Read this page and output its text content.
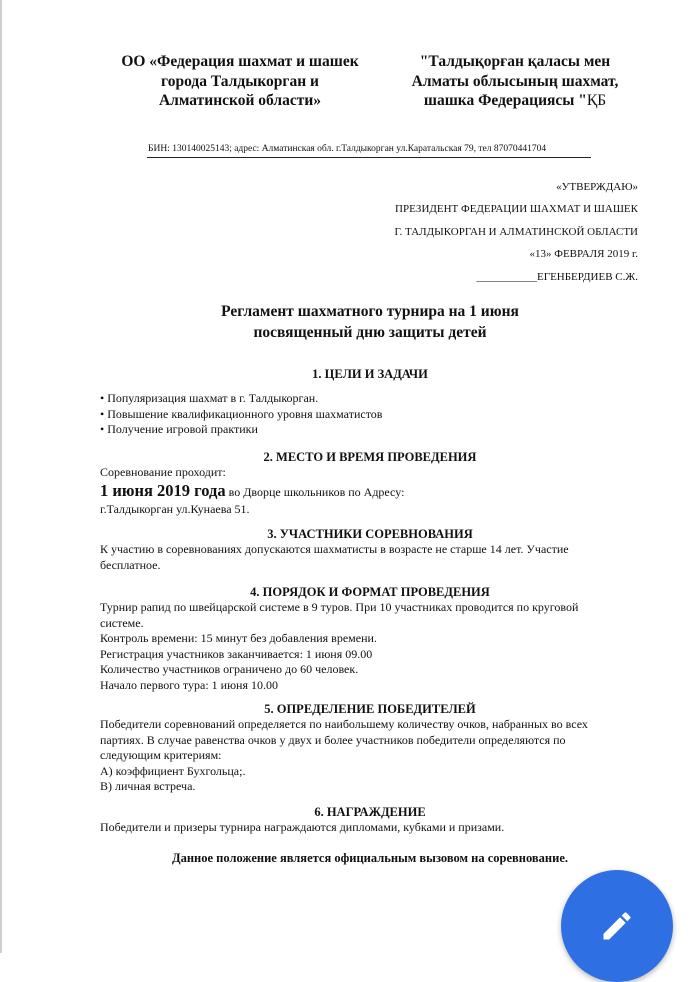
ОО «Федерация шахмат и шашек
города Талдыкорган и
Алматинской области»
"Талдықорған қаласы мен
Алматы облысының шахмат,
шашка Федерациясы "ҚБ
БИН: 130140025143; адрес: Алматинская обл. г.Талдыкорган ул.Каратальская 79, тел 87070441704
«УТВЕРЖДАЮ»
ПРЕЗИДЕНТ ФЕДЕРАЦИИ ШАХМАТ И ШАШЕК
Г. ТАЛДЫКОРГАН И АЛМАТИНСКОЙ ОБЛАСТИ
«13» ФЕВРАЛЯ 2019 г.
___________ЕГЕНБЕРДИЕВ С.Ж.
Регламент шахматного турнира на 1 июня
посвященный дню защиты детей
1. ЦЕЛИ И ЗАДАЧИ
• Популяризация шахмат в г. Талдыкорган.
• Повышение квалификационного уровня шахматистов
• Получение игровой практики
2. МЕСТО И ВРЕМЯ ПРОВЕДЕНИЯ
Соревнование проходит:
1 июня 2019 года во Дворце школьников по Адресу:
г.Талдыкорган ул.Кунаева 51.
3. УЧАСТНИКИ СОРЕВНОВАНИЯ
К участию в соревнованиях допускаются шахматисты в возрасте не старше 14 лет. Участие
бесплатное.
4. ПОРЯДОК И ФОРМАТ ПРОВЕДЕНИЯ
Турнир рапид по швейцарской системе в 9 туров. При 10 участниках проводится по круговой
системе.
Контроль времени: 15 минут без добавления времени.
Регистрация участников заканчивается: 1 июня 09.00
Количество участников ограничено до 60 человек.
Начало первого тура: 1 июня 10.00
5. ОПРЕДЕЛЕНИЕ ПОБЕДИТЕЛЕЙ
Победители соревнований определяется по наибольшему количеству очков, набранных во всех
партиях. В случае равенства очков у двух и более участников победители определяются по
следующим критериям:
А) коэффициент Бухгольца;.
В) личная встреча.
6. НАГРАЖДЕНИЕ
Победители и призеры турнира награждаются дипломами, кубками и призами.
Данное положение является официальным вызовом на соревнование.
